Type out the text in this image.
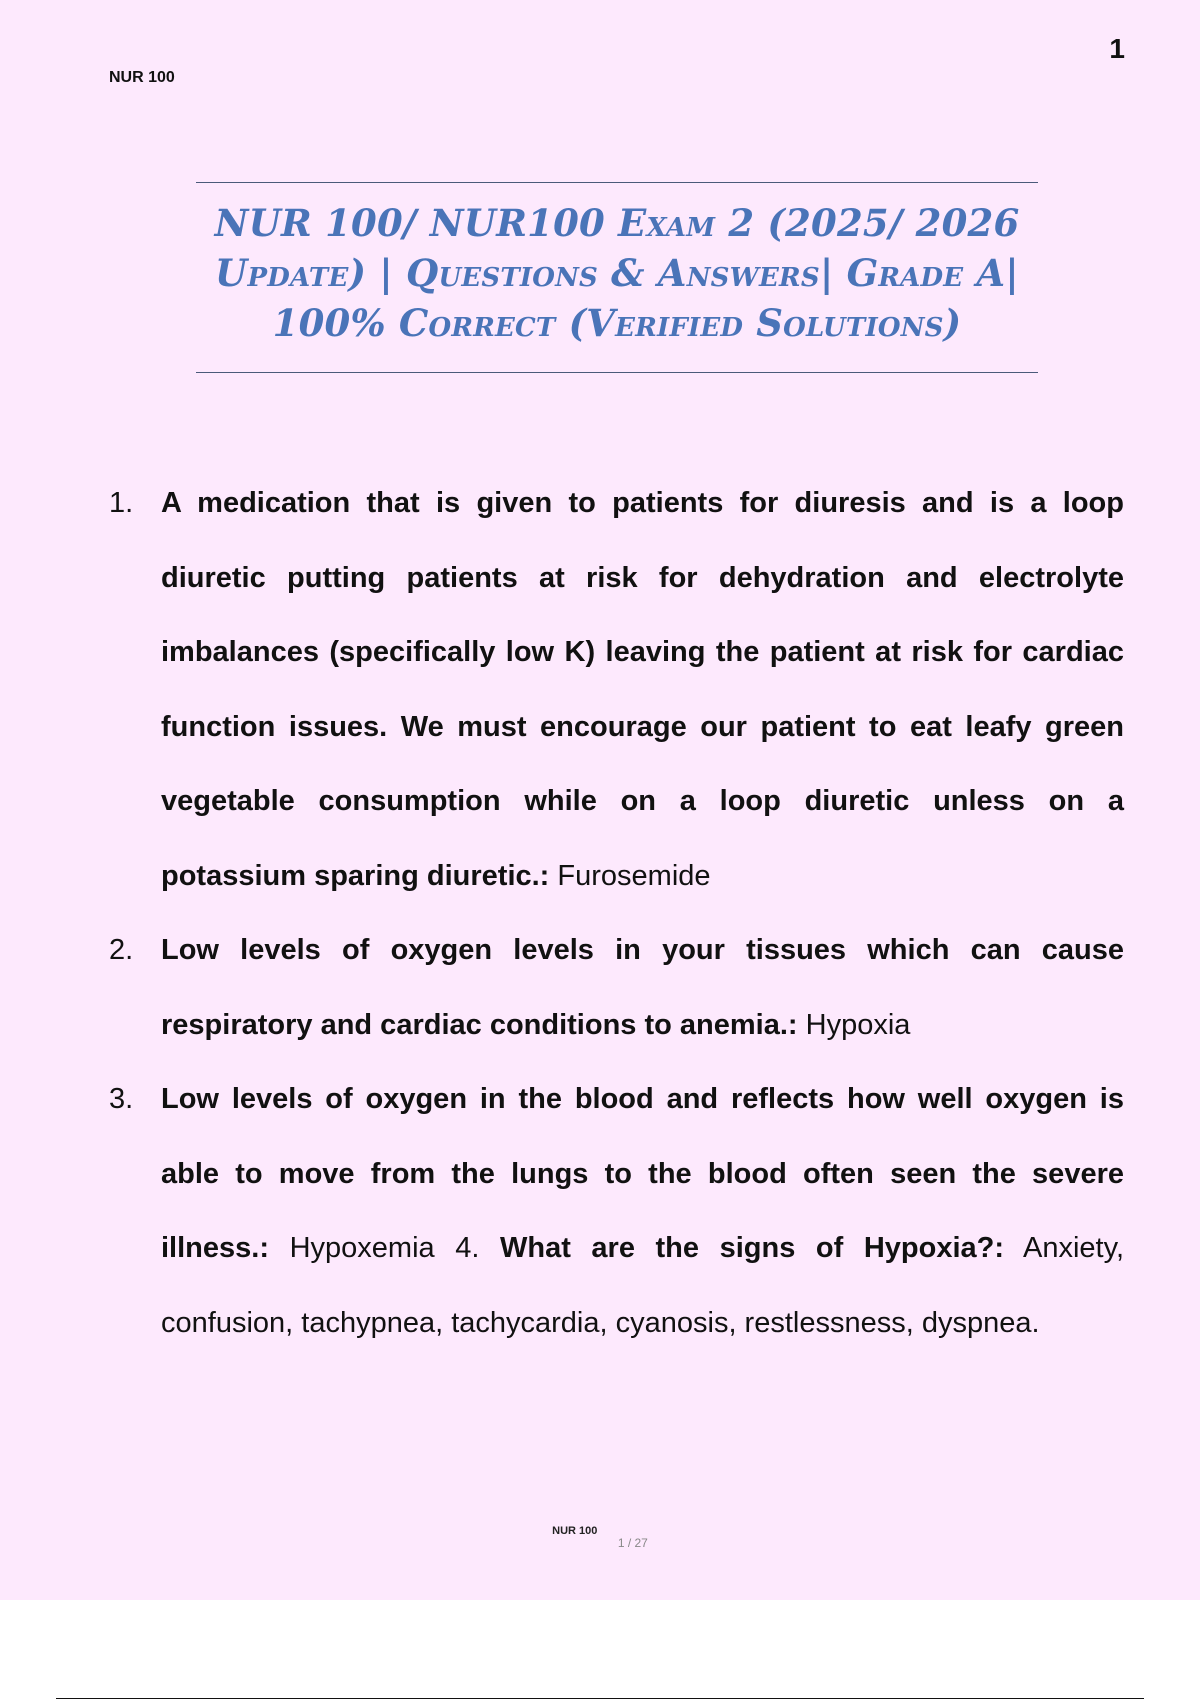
NUR 100
1
NUR 100/ NUR100 Exam 2 (2025/ 2026
Update) | Questions & Answers| Grade A|
100% Correct (Verified Solutions)
1. A medication that is given to patients for diuresis and is a loop diuretic putting patients at risk for dehydration and electrolyte imbalances (specifically low K) leaving the patient at risk for cardiac function issues. We must encourage our patient to eat leafy green vegetable consumption while on a loop diuretic unless on a potassium sparing diuretic.: Furosemide
2. Low levels of oxygen levels in your tissues which can cause respiratory and cardiac conditions to anemia.: Hypoxia
3. Low levels of oxygen in the blood and reflects how well oxygen is able to move from the lungs to the blood often seen the severe illness.: Hypoxemia 4. What are the signs of Hypoxia?: Anxiety, confusion, tachypnea, tachycardia, cyanosis, restlessness, dyspnea.
$^{NUR 100}$ $_{1 / 27}$
